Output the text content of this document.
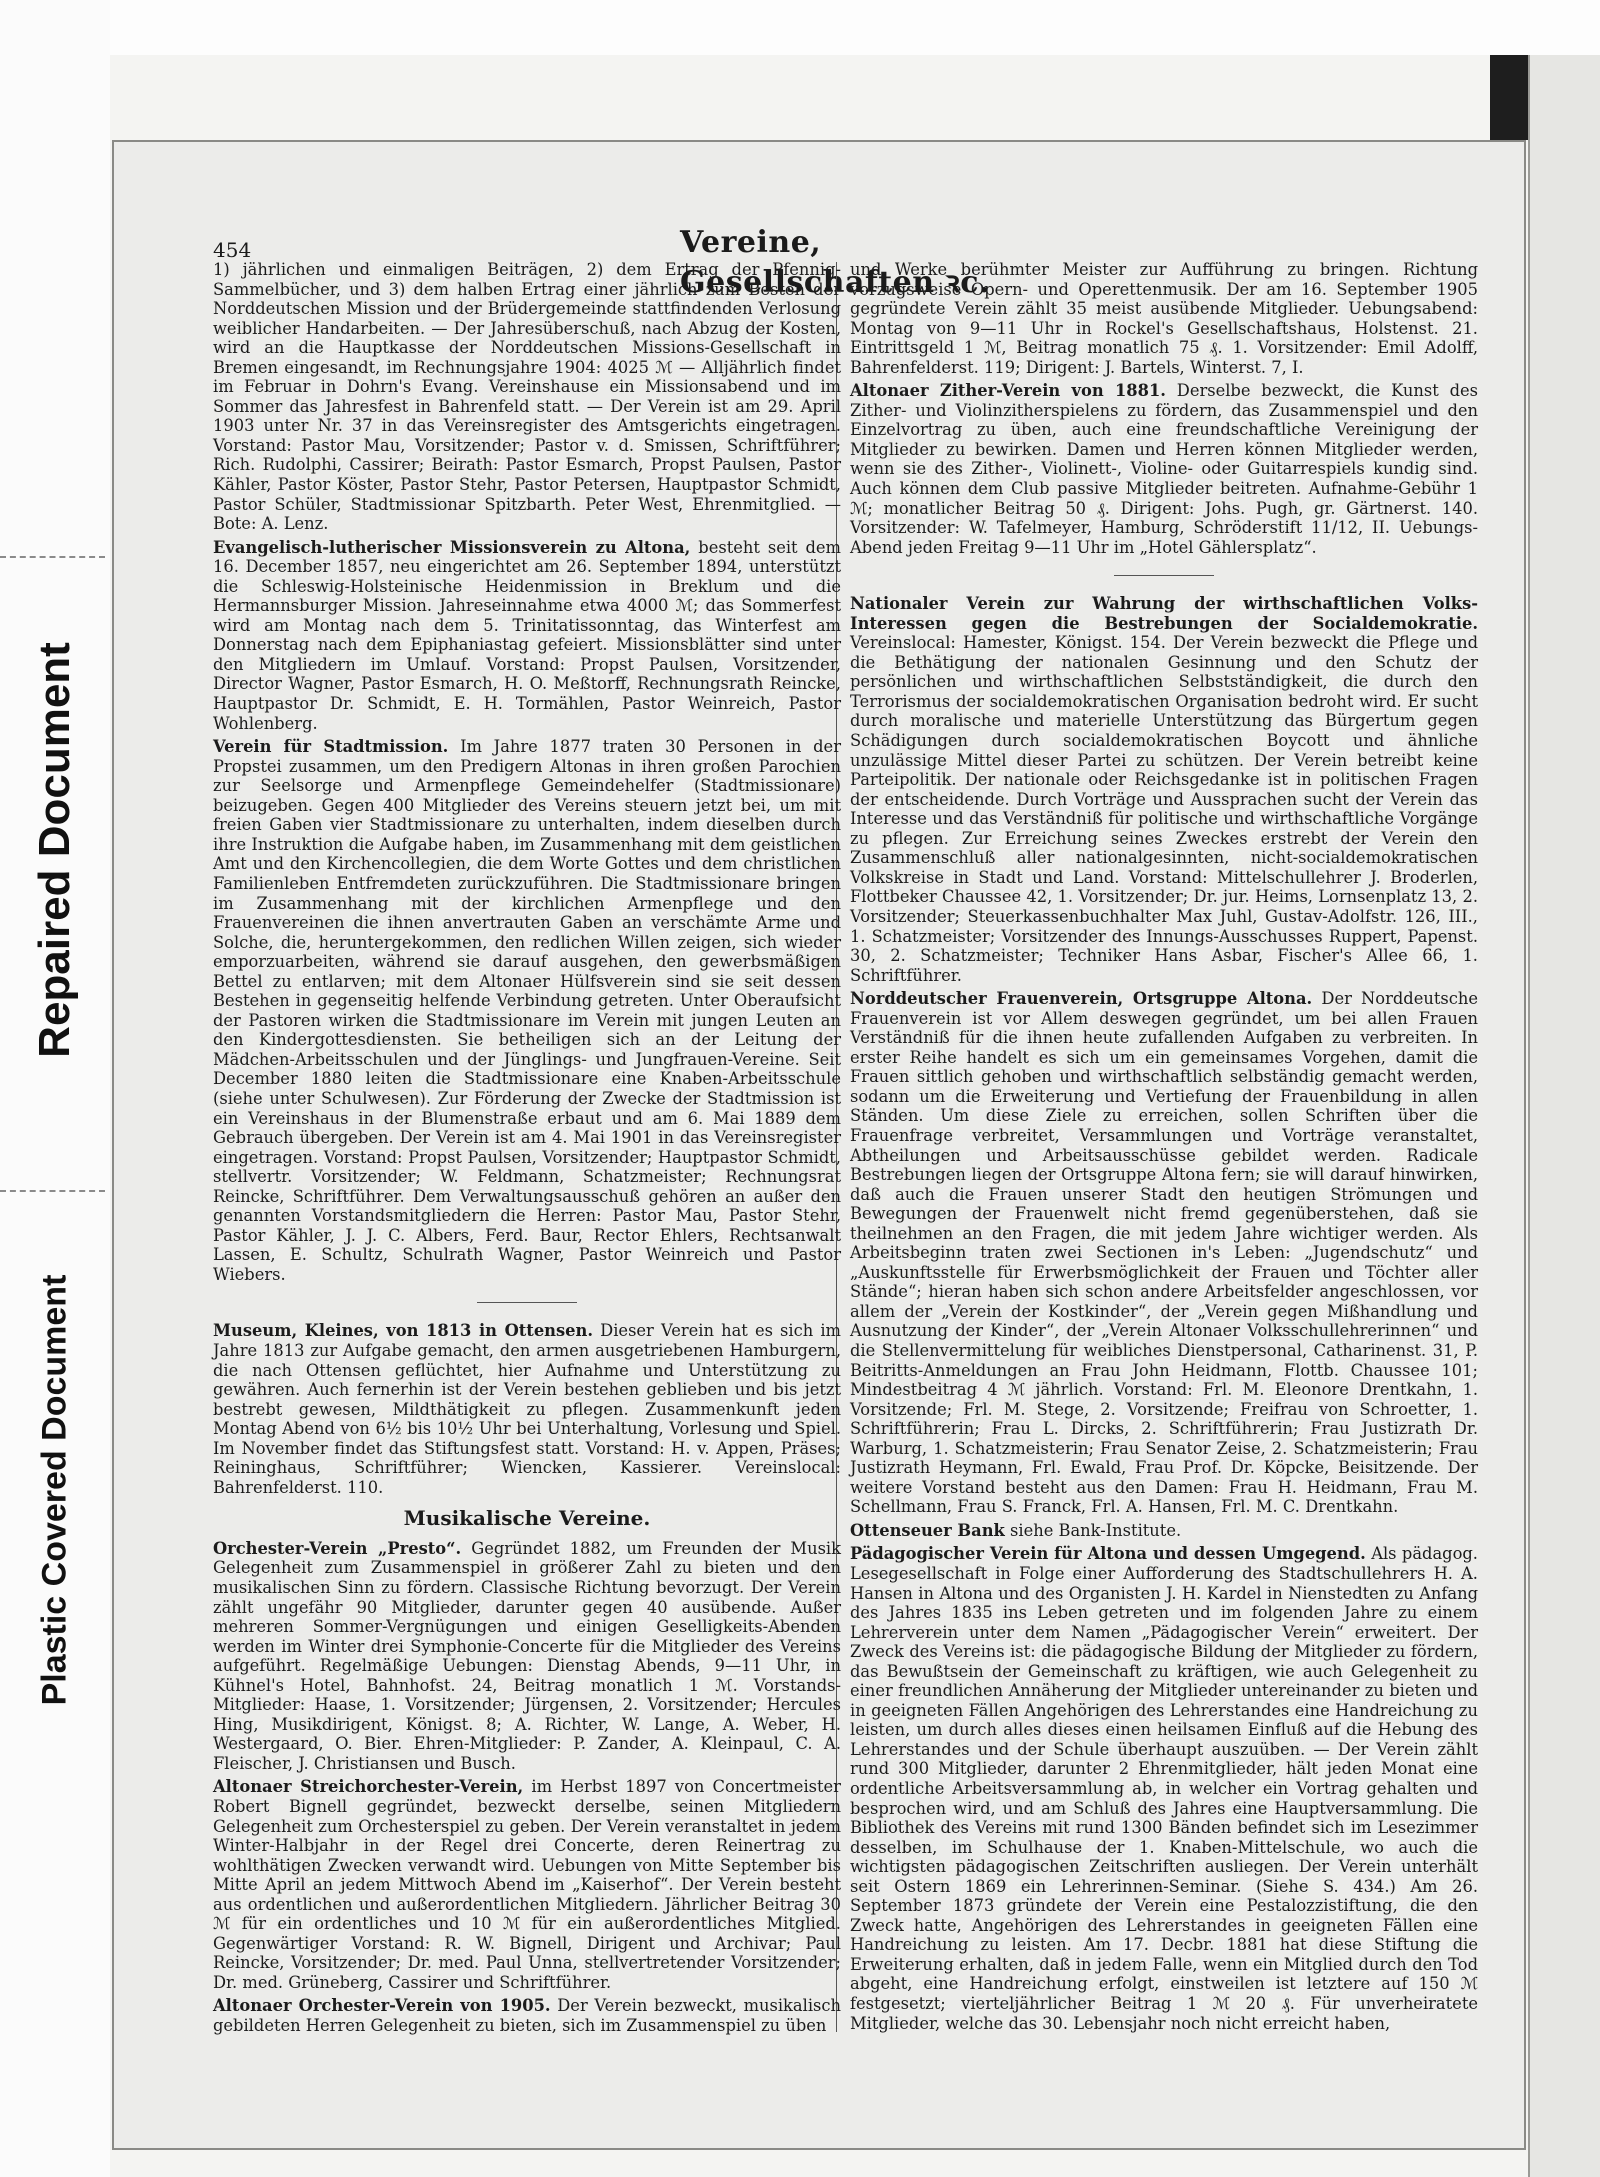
Repaired Document
Plastic Covered Document
454	Vereine, Gesellschaften ꝛc.

1) jährlichen und einmaligen Beiträgen, 2) dem Ertrag der Pfennig-Sammelbücher, und 3) dem halben Ertrag einer jährlich zum Besten der Norddeutschen Mission und der Brüdergemeinde stattfindenden Verlosung weiblicher Handarbeiten. — Der Jahresüberschuß, nach Abzug der Kosten, wird an die Hauptkasse der Norddeutschen Missions-Gesellschaft in Bremen eingesandt, im Rechnungsjahre 1904: 4025 ℳ — Alljährlich findet im Februar in Dohrn's Evang. Vereinshause ein Missionsabend und im Sommer das Jahresfest in Bahrenfeld statt. — Der Verein ist am 29. April 1903 unter Nr. 37 in das Vereinsregister des Amtsgerichts eingetragen. Vorstand: Pastor Mau, Vorsitzender; Pastor v. d. Smissen, Schriftführer; Rich. Rudolphi, Cassirer; Beirath: Pastor Esmarch, Propst Paulsen, Pastor Kähler, Pastor Köster, Pastor Stehr, Pastor Petersen, Hauptpastor Schmidt, Pastor Schüler, Stadtmissionar Spitzbarth. Peter West, Ehrenmitglied. — Bote: A. Lenz.

Evangelisch-lutherischer Missionsverein zu Altona, besteht seit dem 16. December 1857, neu eingerichtet am 26. September 1894, unterstützt die Schleswig-Holsteinische Heidenmission in Breklum und die Hermannsburger Mission. Jahreseinnahme etwa 4000 ℳ; das Sommerfest wird am Montag nach dem 5. Trinitatissonntag, das Winterfest am Donnerstag nach dem Epiphaniastag gefeiert. Missionsblätter sind unter den Mitgliedern im Umlauf. Vorstand: Propst Paulsen, Vorsitzender, Director Wagner, Pastor Esmarch, H. O. Meßtorff, Rechnungsrath Reincke, Hauptpastor Dr. Schmidt, E. H. Tormählen, Pastor Weinreich, Pastor Wohlenberg.

Verein für Stadtmission. Im Jahre 1877 traten 30 Personen in der Propstei zusammen, um den Predigern Altonas in ihren großen Parochien zur Seelsorge und Armenpflege Gemeindehelfer (Stadtmissionare) beizugeben. Gegen 400 Mitglieder des Vereins steuern jetzt bei, um mit freien Gaben vier Stadtmissionare zu unterhalten, indem dieselben durch ihre Instruktion die Aufgabe haben, im Zusammenhang mit dem geistlichen Amt und den Kirchencollegien, die dem Worte Gottes und dem christlichen Familienleben Entfremdeten zurückzuführen. Die Stadtmissionare bringen im Zusammenhang mit der kirchlichen Armenpflege und den Frauenvereinen die ihnen anvertrauten Gaben an verschämte Arme und Solche, die, heruntergekommen, den redlichen Willen zeigen, sich wieder emporzuarbeiten, während sie darauf ausgehen, den gewerbsmäßigen Bettel zu entlarven; mit dem Altonaer Hülfsverein sind sie seit dessen Bestehen in gegenseitig helfende Verbindung getreten. Unter Oberaufsicht der Pastoren wirken die Stadtmissionare im Verein mit jungen Leuten an den Kindergottesdiensten. Sie betheiligen sich an der Leitung der Mädchen-Arbeitsschulen und der Jünglings- und Jungfrauen-Vereine. Seit December 1880 leiten die Stadtmissionare eine Knaben-Arbeitsschule (siehe unter Schulwesen). Zur Förderung der Zwecke der Stadtmission ist ein Vereinshaus in der Blumenstraße erbaut und am 6. Mai 1889 dem Gebrauch übergeben. Der Verein ist am 4. Mai 1901 in das Vereinsregister eingetragen. Vorstand: Propst Paulsen, Vorsitzender; Hauptpastor Schmidt, stellvertr. Vorsitzender; W. Feldmann, Schatzmeister; Rechnungsrat Reincke, Schriftführer. Dem Verwaltungsausschuß gehören an außer den genannten Vorstandsmitgliedern die Herren: Pastor Mau, Pastor Stehr, Pastor Kähler, J. J. C. Albers, Ferd. Baur, Rector Ehlers, Rechtsanwalt Lassen, E. Schultz, Schulrath Wagner, Pastor Weinreich und Pastor Wiebers.

Museum, Kleines, von 1813 in Ottensen. Dieser Verein hat es sich im Jahre 1813 zur Aufgabe gemacht, den armen ausgetriebenen Hamburgern, die nach Ottensen geflüchtet, hier Aufnahme und Unterstützung zu gewähren. Auch fernerhin ist der Verein bestehen geblieben und bis jetzt bestrebt gewesen, Mildthätigkeit zu pflegen. Zusammenkunft jeden Montag Abend von 6½ bis 10½ Uhr bei Unterhaltung, Vorlesung und Spiel. Im November findet das Stiftungsfest statt. Vorstand: H. v. Appen, Präses; Reininghaus, Schriftführer; Wiencken, Kassierer. Vereinslocal: Bahrenfelderst. 110.

Musikalische Vereine.

Orchester-Verein „Presto“. Gegründet 1882, um Freunden der Musik Gelegenheit zum Zusammenspiel in größerer Zahl zu bieten und den musikalischen Sinn zu fördern. Classische Richtung bevorzugt. Der Verein zählt ungefähr 90 Mitglieder, darunter gegen 40 ausübende. Außer mehreren Sommer-Vergnügungen und einigen Geselligkeits-Abenden werden im Winter drei Symphonie-Concerte für die Mitglieder des Vereins aufgeführt. Regelmäßige Uebungen: Dienstag Abends, 9—11 Uhr, in Kühnel's Hotel, Bahnhofst. 24, Beitrag monatlich 1 ℳ. Vorstands-Mitglieder: Haase, 1. Vorsitzender; Jürgensen, 2. Vorsitzender; Hercules Hing, Musikdirigent, Königst. 8; A. Richter, W. Lange, A. Weber, H. Westergaard, O. Bier. Ehren-Mitglieder: P. Zander, A. Kleinpaul, C. A. Fleischer, J. Christiansen und Busch.

Altonaer Streichorchester-Verein, im Herbst 1897 von Concertmeister Robert Bignell gegründet, bezweckt derselbe, seinen Mitgliedern Gelegenheit zum Orchesterspiel zu geben. Der Verein veranstaltet in jedem Winter-Halbjahr in der Regel drei Concerte, deren Reinertrag zu wohlthätigen Zwecken verwandt wird. Uebungen von Mitte September bis Mitte April an jedem Mittwoch Abend im „Kaiserhof“. Der Verein besteht aus ordentlichen und außerordentlichen Mitgliedern. Jährlicher Beitrag 30 ℳ für ein ordentliches und 10 ℳ für ein außerordentliches Mitglied. Gegenwärtiger Vorstand: R. W. Bignell, Dirigent und Archivar; Paul Reincke, Vorsitzender; Dr. med. Paul Unna, stellvertretender Vorsitzender; Dr. med. Grüneberg, Cassirer und Schriftführer.

Altonaer Orchester-Verein von 1905. Der Verein bezweckt, musikalisch gebildeten Herren Gelegenheit zu bieten, sich im Zusammenspiel zu üben

und Werke berühmter Meister zur Aufführung zu bringen. Richtung vorzugsweise Opern- und Operettenmusik. Der am 16. September 1905 gegründete Verein zählt 35 meist ausübende Mitglieder. Uebungsabend: Montag von 9—11 Uhr in Rockel's Gesellschaftshaus, Holstenst. 21. Eintrittsgeld 1 ℳ, Beitrag monatlich 75 ₰. 1. Vorsitzender: Emil Adolff, Bahrenfelderst. 119; Dirigent: J. Bartels, Winterst. 7, I.

Altonaer Zither-Verein von 1881. Derselbe bezweckt, die Kunst des Zither- und Violinzitherspielens zu fördern, das Zusammenspiel und den Einzelvortrag zu üben, auch eine freundschaftliche Vereinigung der Mitglieder zu bewirken. Damen und Herren können Mitglieder werden, wenn sie des Zither-, Violinett-, Violine- oder Guitarrespiels kundig sind. Auch können dem Club passive Mitglieder beitreten. Aufnahme-Gebühr 1 ℳ; monatlicher Beitrag 50 ₰. Dirigent: Johs. Pugh, gr. Gärtnerst. 140. Vorsitzender: W. Tafelmeyer, Hamburg, Schröderstift 11/12, II. Uebungs-Abend jeden Freitag 9—11 Uhr im „Hotel Gählersplatz“.

Nationaler Verein zur Wahrung der wirthschaftlichen Volks-Interessen gegen die Bestrebungen der Socialdemokratie. Vereinslocal: Hamester, Königst. 154. Der Verein bezweckt die Pflege und die Bethätigung der nationalen Gesinnung und den Schutz der persönlichen und wirthschaftlichen Selbstständigkeit, die durch den Terrorismus der socialdemokratischen Organisation bedroht wird. Er sucht durch moralische und materielle Unterstützung das Bürgertum gegen Schädigungen durch socialdemokratischen Boycott und ähnliche unzulässige Mittel dieser Partei zu schützen. Der Verein betreibt keine Parteipolitik. Der nationale oder Reichsgedanke ist in politischen Fragen der entscheidende. Durch Vorträge und Aussprachen sucht der Verein das Interesse und das Verständniß für politische und wirthschaftliche Vorgänge zu pflegen. Zur Erreichung seines Zweckes erstrebt der Verein den Zusammenschluß aller nationalgesinnten, nicht-socialdemokratischen Volkskreise in Stadt und Land. Vorstand: Mittelschullehrer J. Broderlen, Flottbeker Chaussee 42, 1. Vorsitzender; Dr. jur. Heims, Lornsenplatz 13, 2. Vorsitzender; Steuerkassenbuchhalter Max Juhl, Gustav-Adolfstr. 126, III., 1. Schatzmeister; Vorsitzender des Innungs-Ausschusses Ruppert, Papenst. 30, 2. Schatzmeister; Techniker Hans Asbar, Fischer's Allee 66, 1. Schriftführer.

Norddeutscher Frauenverein, Ortsgruppe Altona. Der Norddeutsche Frauenverein ist vor Allem deswegen gegründet, um bei allen Frauen Verständniß für die ihnen heute zufallenden Aufgaben zu verbreiten. In erster Reihe handelt es sich um ein gemeinsames Vorgehen, damit die Frauen sittlich gehoben und wirthschaftlich selbständig gemacht werden, sodann um die Erweiterung und Vertiefung der Frauenbildung in allen Ständen. Um diese Ziele zu erreichen, sollen Schriften über die Frauenfrage verbreitet, Versammlungen und Vorträge veranstaltet, Abtheilungen und Arbeitsausschüsse gebildet werden. Radicale Bestrebungen liegen der Ortsgruppe Altona fern; sie will darauf hinwirken, daß auch die Frauen unserer Stadt den heutigen Strömungen und Bewegungen der Frauenwelt nicht fremd gegenüberstehen, daß sie theilnehmen an den Fragen, die mit jedem Jahre wichtiger werden. Als Arbeitsbeginn traten zwei Sectionen in's Leben: „Jugendschutz“ und „Auskunftsstelle für Erwerbsmöglichkeit der Frauen und Töchter aller Stände“; hieran haben sich schon andere Arbeitsfelder angeschlossen, vor allem der „Verein der Kostkinder“, der „Verein gegen Mißhandlung und Ausnutzung der Kinder“, der „Verein Altonaer Volksschullehrerinnen“ und die Stellenvermittelung für weibliches Dienstpersonal, Catharinenst. 31, P. Beitritts-Anmeldungen an Frau John Heidmann, Flottb. Chaussee 101; Mindestbeitrag 4 ℳ jährlich. Vorstand: Frl. M. Eleonore Drentkahn, 1. Vorsitzende; Frl. M. Stege, 2. Vorsitzende; Freifrau von Schroetter, 1. Schriftführerin; Frau L. Dircks, 2. Schriftführerin; Frau Justizrath Dr. Warburg, 1. Schatzmeisterin; Frau Senator Zeise, 2. Schatzmeisterin; Frau Justizrath Heymann, Frl. Ewald, Frau Prof. Dr. Köpcke, Beisitzende. Der weitere Vorstand besteht aus den Damen: Frau H. Heidmann, Frau M. Schellmann, Frau S. Franck, Frl. A. Hansen, Frl. M. C. Drentkahn.

Ottenseuer Bank siehe Bank-Institute.

Pädagogischer Verein für Altona und dessen Umgegend. Als pädagog. Lesegesellschaft in Folge einer Aufforderung des Stadtschullehrers H. A. Hansen in Altona und des Organisten J. H. Kardel in Nienstedten zu Anfang des Jahres 1835 ins Leben getreten und im folgenden Jahre zu einem Lehrerverein unter dem Namen „Pädagogischer Verein“ erweitert. Der Zweck des Vereins ist: die pädagogische Bildung der Mitglieder zu fördern, das Bewußtsein der Gemeinschaft zu kräftigen, wie auch Gelegenheit zu einer freundlichen Annäherung der Mitglieder untereinander zu bieten und in geeigneten Fällen Angehörigen des Lehrerstandes eine Handreichung zu leisten, um durch alles dieses einen heilsamen Einfluß auf die Hebung des Lehrerstandes und der Schule überhaupt auszuüben. — Der Verein zählt rund 300 Mitglieder, darunter 2 Ehrenmitglieder, hält jeden Monat eine ordentliche Arbeitsversammlung ab, in welcher ein Vortrag gehalten und besprochen wird, und am Schluß des Jahres eine Hauptversammlung. Die Bibliothek des Vereins mit rund 1300 Bänden befindet sich im Lesezimmer desselben, im Schulhause der 1. Knaben-Mittelschule, wo auch die wichtigsten pädagogischen Zeitschriften ausliegen. Der Verein unterhält seit Ostern 1869 ein Lehrerinnen-Seminar. (Siehe S. 434.) Am 26. September 1873 gründete der Verein eine Pestalozzistiftung, die den Zweck hatte, Angehörigen des Lehrerstandes in geeigneten Fällen eine Handreichung zu leisten. Am 17. Decbr. 1881 hat diese Stiftung die Erweiterung erhalten, daß in jedem Falle, wenn ein Mitglied durch den Tod abgeht, eine Handreichung erfolgt, einstweilen ist letztere auf 150 ℳ festgesetzt; vierteljährlicher Beitrag 1 ℳ 20 ₰. Für unverheiratete Mitglieder, welche das 30. Lebensjahr noch nicht erreicht haben,
